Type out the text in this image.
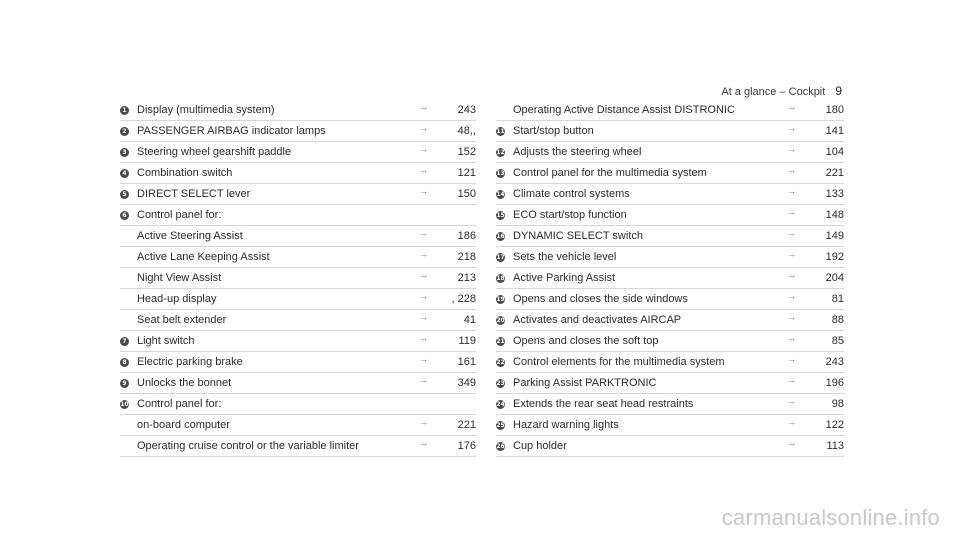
At a glance – Cockpit 9
1 Display (multimedia system)	→	243
2 PASSENGER AIRBAG indicator lamps	→	48,,
3 Steering wheel gearshift paddle	→	152
4 Combination switch	→	121
5 DIRECT SELECT lever	→	150
6 Control panel for:
Active Steering Assist	→	186
Active Lane Keeping Assist	→	218
Night View Assist	→	213
Head-up display	→	, 228
Seat belt extender	→	41
7 Light switch	→	119
8 Electric parking brake	→	161
9 Unlocks the bonnet	→	349
10 Control panel for:
on-board computer	→	221
Operating cruise control or the variable limiter	→	176
Operating Active Distance Assist DISTRONIC	→	180
11 Start/stop button	→	141
12 Adjusts the steering wheel	→	104
13 Control panel for the multimedia system	→	221
14 Climate control systems	→	133
15 ECO start/stop function	→	148
16 DYNAMIC SELECT switch	→	149
17 Sets the vehicle level	→	192
18 Active Parking Assist	→	204
19 Opens and closes the side windows	→	81
20 Activates and deactivates AIRCAP	→	88
21 Opens and closes the soft top	→	85
22 Control elements for the multimedia system	→	243
23 Parking Assist PARKTRONIC	→	196
24 Extends the rear seat head restraints	→	98
25 Hazard warning lights	→	122
26 Cup holder	→	113
carmanualsonline.info
